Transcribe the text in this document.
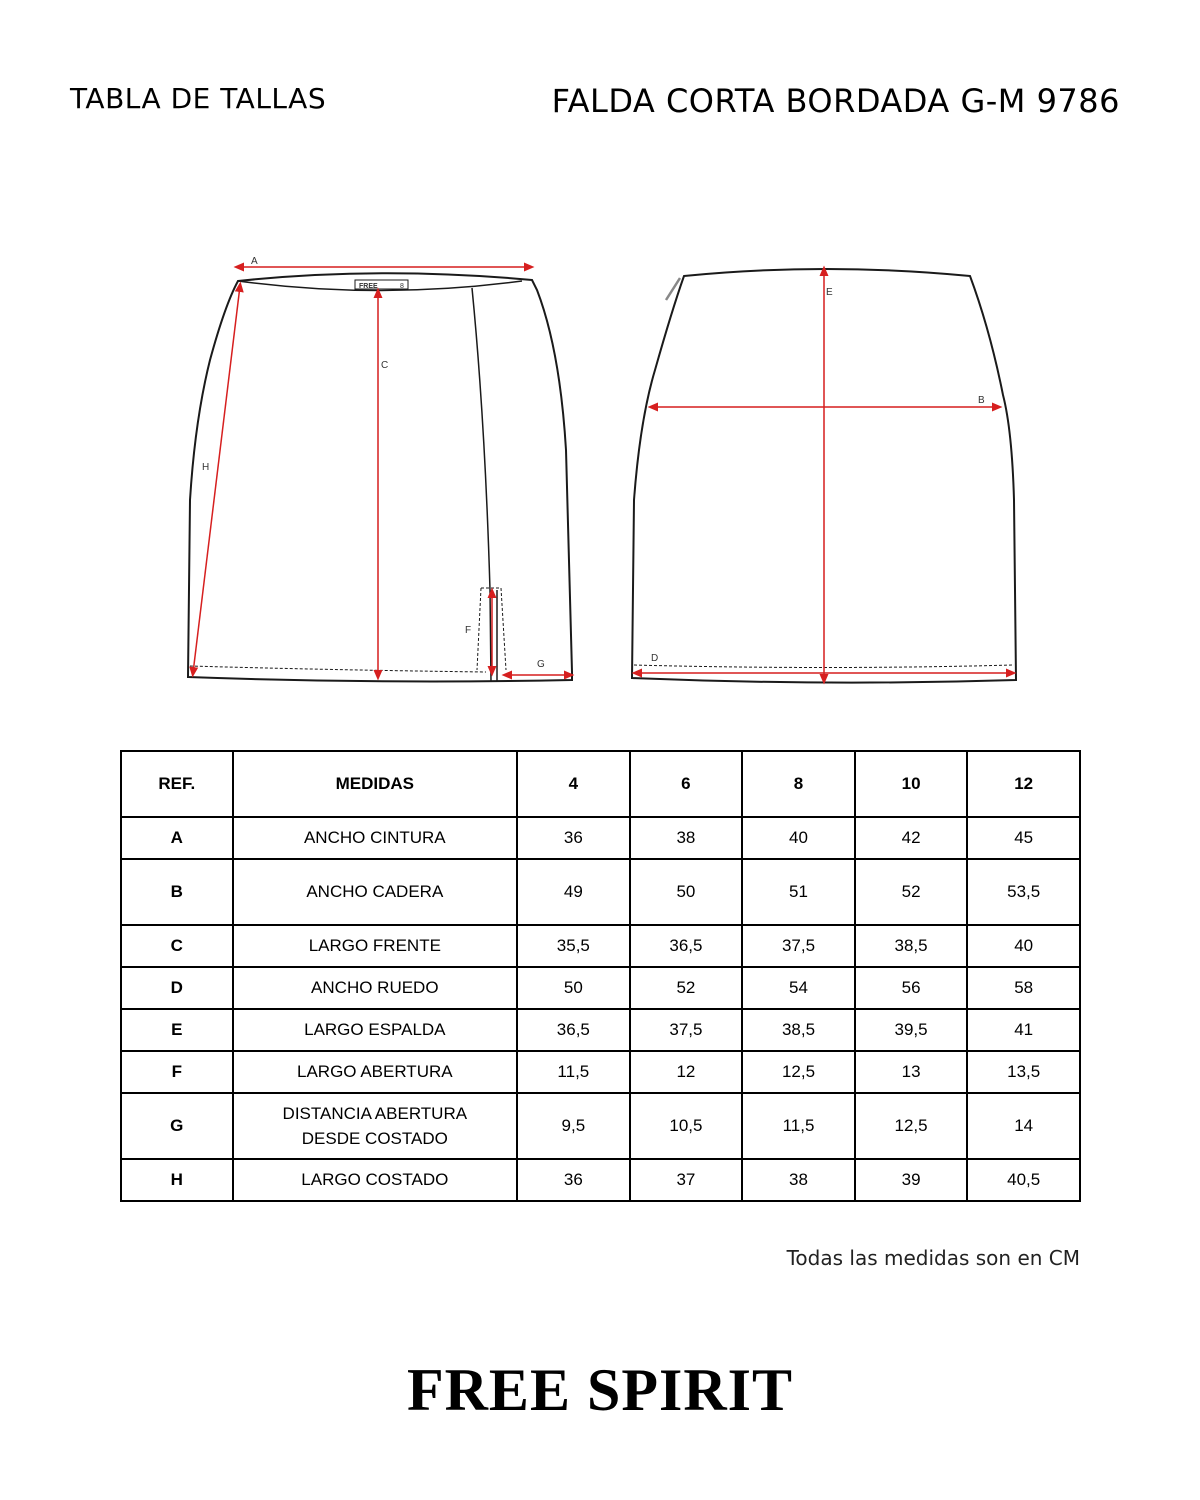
TABLA DE TALLAS	FALDA CORTA BORDADA G-M 9786
FREE	8
A
C
H
F
G
E
B
D
REF.	MEDIDAS	4	6	8	10	12
A	ANCHO CINTURA	36	38	40	42	45
B	ANCHO CADERA	49	50	51	52	53,5
C	LARGO FRENTE	35,5	36,5	37,5	38,5	40
D	ANCHO RUEDO	50	52	54	56	58
E	LARGO ESPALDA	36,5	37,5	38,5	39,5	41
F	LARGO ABERTURA	11,5	12	12,5	13	13,5
G	DISTANCIA ABERTURA
DESDE COSTADO	9,5	10,5	11,5	12,5	14
H	LARGO COSTADO	36	37	38	39	40,5
Todas las medidas son en CM
FREE SPIRIT
